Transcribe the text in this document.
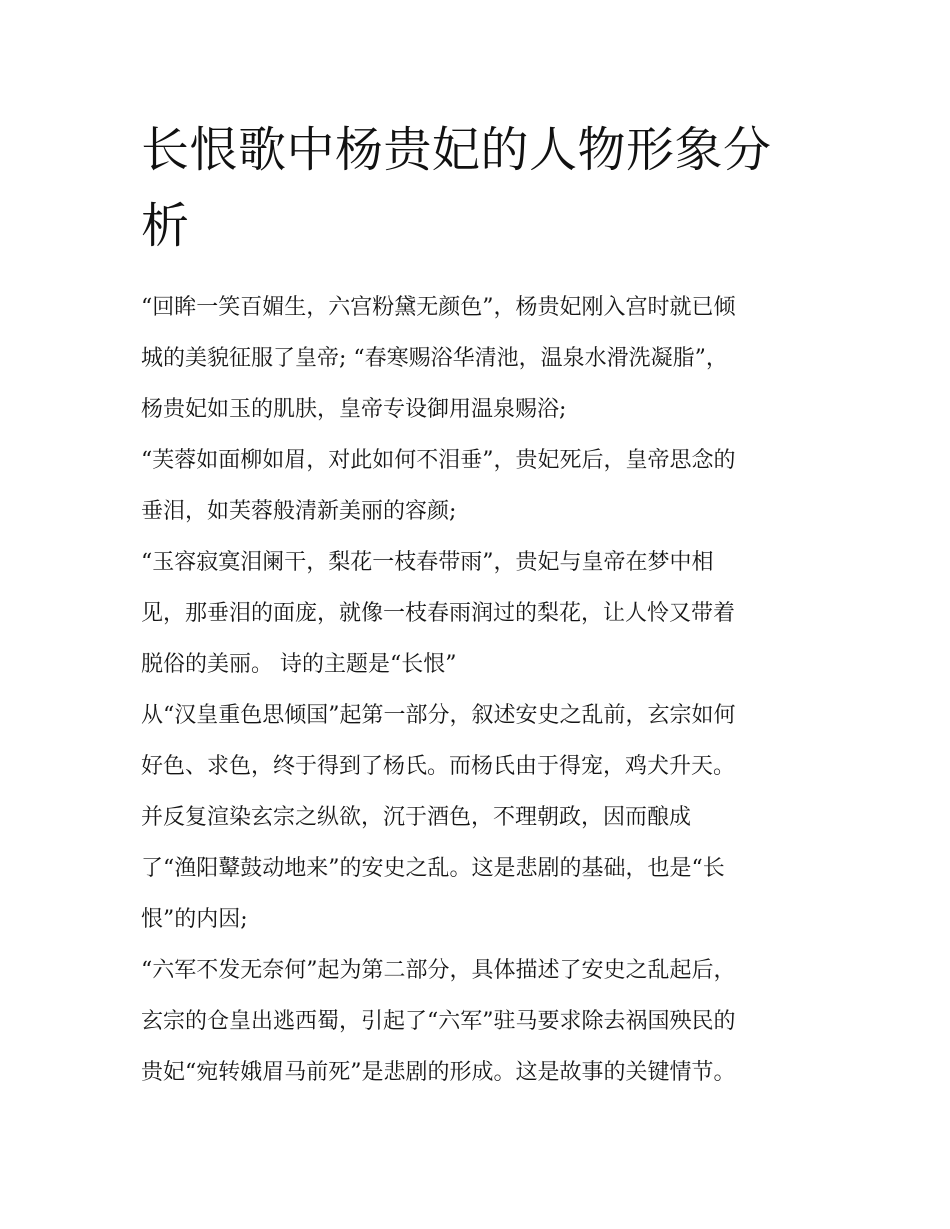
长恨歌中杨贵妃的人物形象分
析
“回眸一笑百媚生，六宫粉黛无颜色”，杨贵妃刚入宫时就已倾
城的美貌征服了皇帝; “春寒赐浴华清池，温泉水滑洗凝脂”，
杨贵妃如玉的肌肤，皇帝专设御用温泉赐浴;
“芙蓉如面柳如眉，对此如何不泪垂”，贵妃死后，皇帝思念的
垂泪，如芙蓉般清新美丽的容颜;
“玉容寂寞泪阑干，梨花一枝春带雨”，贵妃与皇帝在梦中相
见，那垂泪的面庞，就像一枝春雨润过的梨花，让人怜又带着
脱俗的美丽。 诗的主题是“长恨”
从“汉皇重色思倾国”起第一部分，叙述安史之乱前，玄宗如何
好色、求色，终于得到了杨氏。而杨氏由于得宠，鸡犬升天。
并反复渲染玄宗之纵欲，沉于酒色，不理朝政，因而酿成
了“渔阳鼙鼓动地来”的安史之乱。这是悲剧的基础，也是“长
恨”的内因;
“六军不发无奈何”起为第二部分，具体描述了安史之乱起后，
玄宗的仓皇出逃西蜀，引起了“六军”驻马要求除去祸国殃民的
贵妃“宛转娥眉马前死”是悲剧的形成。这是故事的关键情节。
